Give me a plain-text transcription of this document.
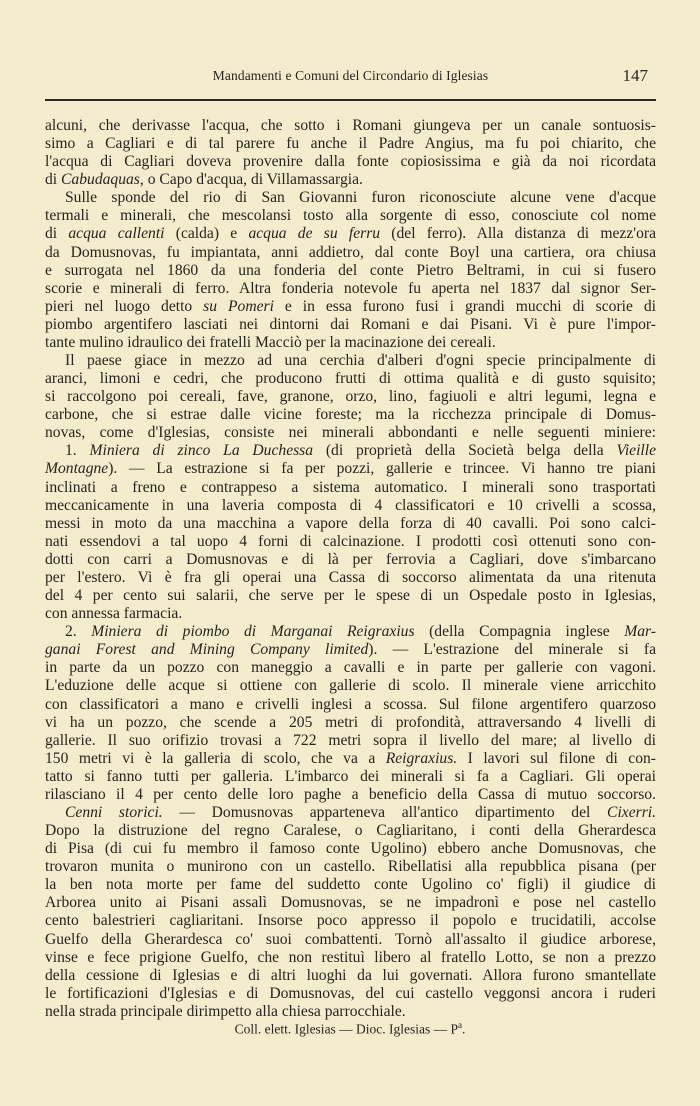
Mandamenti e Comuni del Circondario di Iglesias	147
alcuni, che derivasse l'acqua, che sotto i Romani giungeva per un canale sontuosis-
simo a Cagliari e di tal parere fu anche il Padre Angius, ma fu poi chiarito, che
l'acqua di Cagliari doveva provenire dalla fonte copiosissima e già da noi ricordata
di Cabudaquas, o Capo d'acqua, di Villamassargia.
Sulle sponde del rio di San Giovanni furon riconosciute alcune vene d'acque
termali e minerali, che mescolansi tosto alla sorgente di esso, conosciute col nome
di acqua callenti (calda) e acqua de su ferru (del ferro). Alla distanza di mezz'ora
da Domusnovas, fu impiantata, anni addietro, dal conte Boyl una cartiera, ora chiusa
e surrogata nel 1860 da una fonderia del conte Pietro Beltrami, in cui si fusero
scorie e minerali di ferro. Altra fonderia notevole fu aperta nel 1837 dal signor Ser-
pieri nel luogo detto su Pomeri e in essa furono fusi i grandi mucchi di scorie di
piombo argentifero lasciati nei dintorni dai Romani e dai Pisani. Vi è pure l'impor-
tante mulino idraulico dei fratelli Macciò per la macinazione dei cereali.
Il paese giace in mezzo ad una cerchia d'alberi d'ogni specie principalmente di
aranci, limoni e cedri, che producono frutti di ottima qualità e di gusto squisito;
si raccolgono poi cereali, fave, granone, orzo, lino, fagiuoli e altri legumi, legna e
carbone, che si estrae dalle vicine foreste; ma la ricchezza principale di Domus-
novas, come d'Iglesias, consiste nei minerali abbondanti e nelle seguenti miniere:
1. Miniera di zinco La Duchessa (di proprietà della Società belga della Vieille
Montagne). — La estrazione si fa per pozzi, gallerie e trincee. Vi hanno tre piani
inclinati a freno e contrappeso a sistema automatico. I minerali sono trasportati
meccanicamente in una laveria composta di 4 classificatori e 10 crivelli a scossa,
messi in moto da una macchina a vapore della forza di 40 cavalli. Poi sono calci-
nati essendovi a tal uopo 4 forni di calcinazione. I prodotti così ottenuti sono con-
dotti con carri a Domusnovas e di là per ferrovia a Cagliari, dove s'imbarcano
per l'estero. Vi è fra gli operai una Cassa di soccorso alimentata da una ritenuta
del 4 per cento sui salarii, che serve per le spese di un Ospedale posto in Iglesias,
con annessa farmacia.
2. Miniera di piombo di Marganai Reigraxius (della Compagnia inglese Mar-
ganai Forest and Mining Company limited). — L'estrazione del minerale si fa
in parte da un pozzo con maneggio a cavalli e in parte per gallerie con vagoni.
L'eduzione delle acque si ottiene con gallerie di scolo. Il minerale viene arricchito
con classificatori a mano e crivelli inglesi a scossa. Sul filone argentifero quarzoso
vi ha un pozzo, che scende a 205 metri di profondità, attraversando 4 livelli di
gallerie. Il suo orifizio trovasi a 722 metri sopra il livello del mare; al livello di
150 metri vi è la galleria di scolo, che va a Reigraxius. I lavori sul filone di con-
tatto si fanno tutti per galleria. L'imbarco dei minerali si fa a Cagliari. Gli operai
rilasciano il 4 per cento delle loro paghe a beneficio della Cassa di mutuo soccorso.
Cenni storici. — Domusnovas apparteneva all'antico dipartimento del Cixerri.
Dopo la distruzione del regno Caralese, o Cagliaritano, i conti della Gherardesca
di Pisa (di cui fu membro il famoso conte Ugolino) ebbero anche Domusnovas, che
trovaron munita o munirono con un castello. Ribellatisi alla repubblica pisana (per
la ben nota morte per fame del suddetto conte Ugolino co' figli) il giudice di
Arborea unito ai Pisani assalì Domusnovas, se ne impadronì e pose nel castello
cento balestrieri cagliaritani. Insorse poco appresso il popolo e trucidatili, accolse
Guelfo della Gherardesca co' suoi combattenti. Tornò all'assalto il giudice arborese,
vinse e fece prigione Guelfo, che non restituì libero al fratello Lotto, se non a prezzo
della cessione di Iglesias e di altri luoghi da lui governati. Allora furono smantellate
le fortificazioni d'Iglesias e di Domusnovas, del cui castello veggonsi ancora i ruderi
nella strada principale dirimpetto alla chiesa parrocchiale.
Coll. elett. Iglesias — Dioc. Iglesias — $P^a$.
